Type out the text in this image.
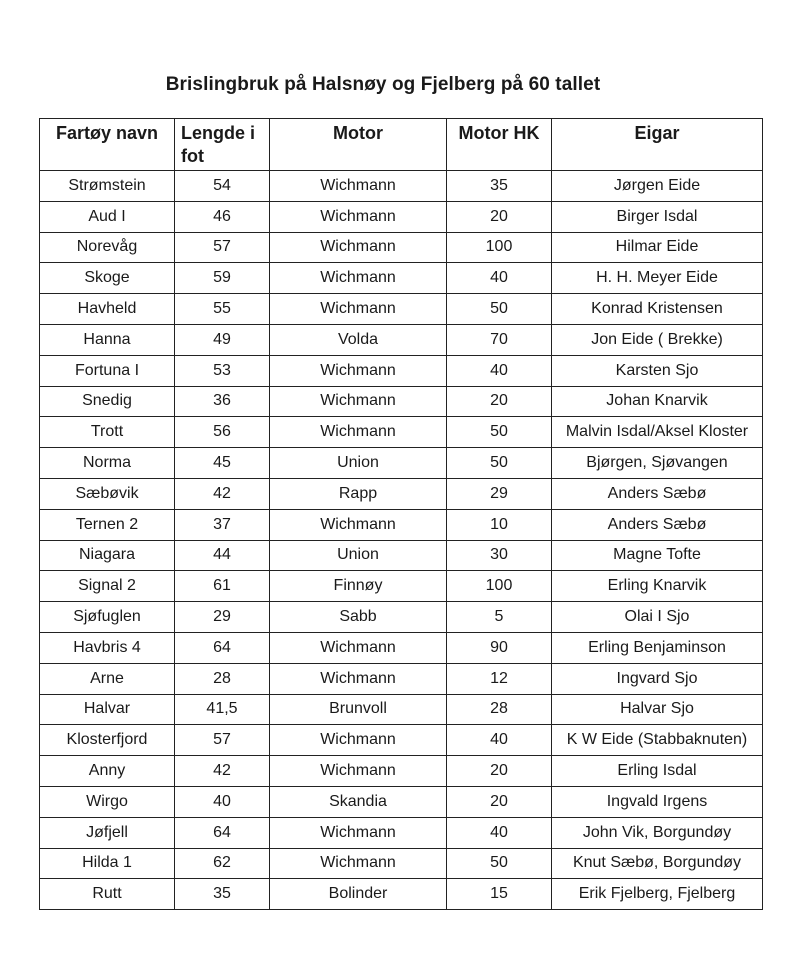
Brislingbruk på Halsnøy og Fjelberg på 60 tallet
Fartøy navn	Lengde i fot	Motor	Motor HK	Eigar
Strømstein	54	Wichmann	35	Jørgen Eide
Aud I	46	Wichmann	20	Birger Isdal
Norevåg	57	Wichmann	100	Hilmar Eide
Skoge	59	Wichmann	40	H. H. Meyer Eide
Havheld	55	Wichmann	50	Konrad Kristensen
Hanna	49	Volda	70	Jon Eide ( Brekke)
Fortuna I	53	Wichmann	40	Karsten Sjo
Snedig	36	Wichmann	20	Johan Knarvik
Trott	56	Wichmann	50	Malvin Isdal/Aksel Kloster
Norma	45	Union	50	Bjørgen, Sjøvangen
Sæbøvik	42	Rapp	29	Anders Sæbø
Ternen 2	37	Wichmann	10	Anders Sæbø
Niagara	44	Union	30	Magne Tofte
Signal 2	61	Finnøy	100	Erling Knarvik
Sjøfuglen	29	Sabb	5	Olai I Sjo
Havbris 4	64	Wichmann	90	Erling Benjaminson
Arne	28	Wichmann	12	Ingvard Sjo
Halvar	41,5	Brunvoll	28	Halvar Sjo
Klosterfjord	57	Wichmann	40	K W Eide (Stabbaknuten)
Anny	42	Wichmann	20	Erling Isdal
Wirgo	40	Skandia	20	Ingvald Irgens
Jøfjell	64	Wichmann	40	John Vik, Borgundøy
Hilda 1	62	Wichmann	50	Knut Sæbø, Borgundøy
Rutt	35	Bolinder	15	Erik Fjelberg, Fjelberg
